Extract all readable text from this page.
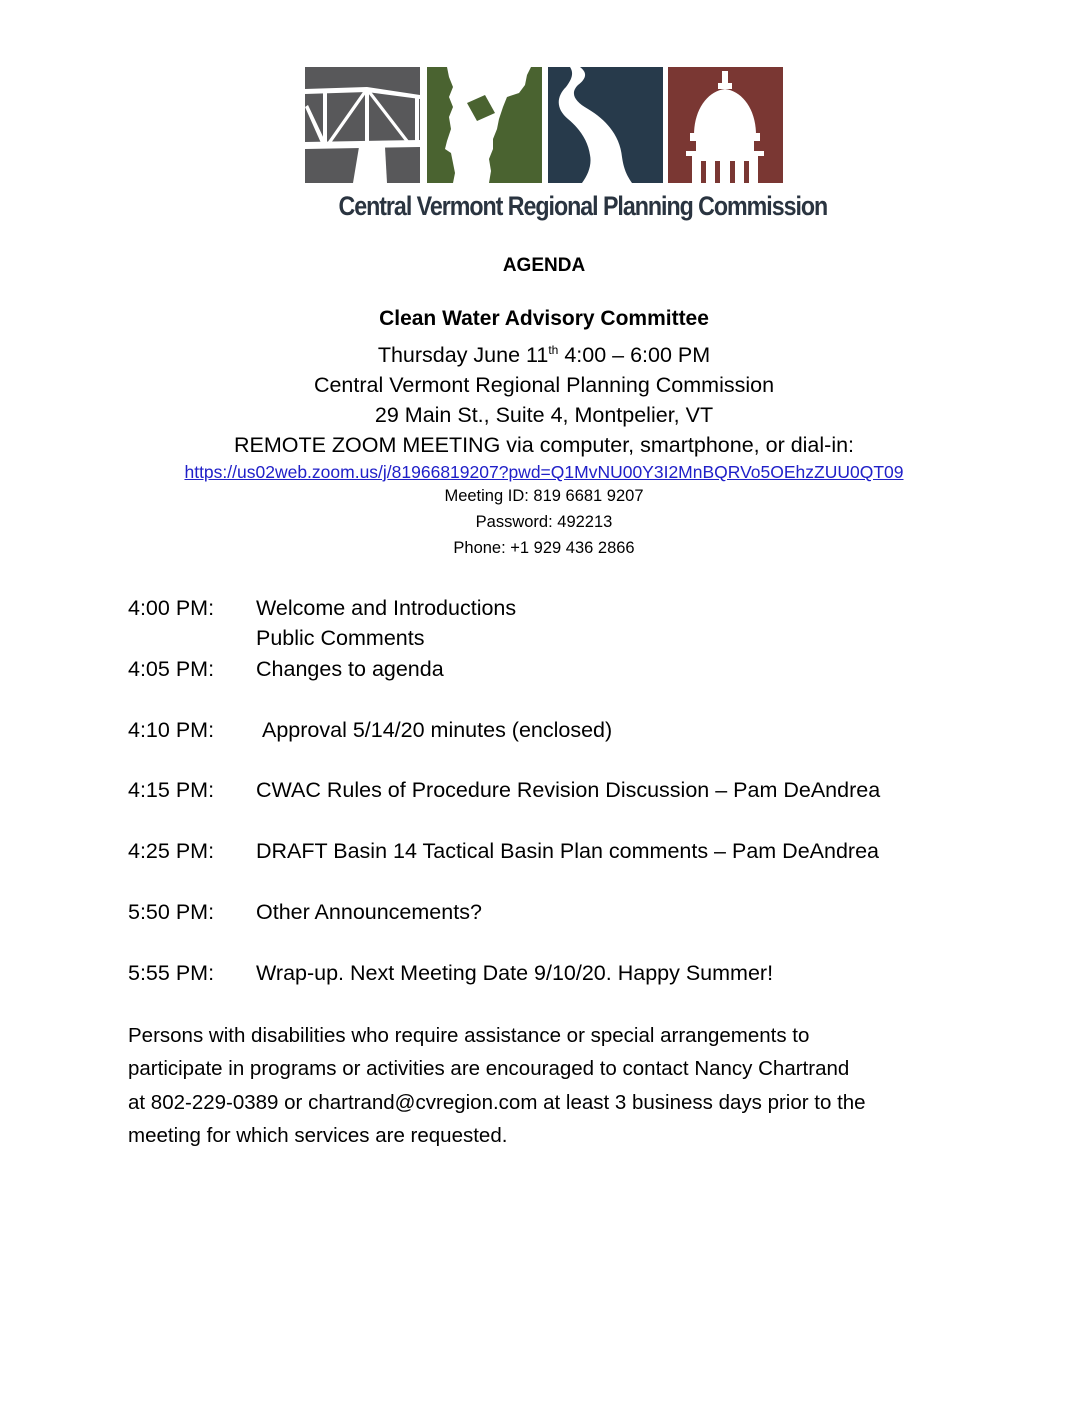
Central Vermont Regional Planning Commission
AGENDA
Clean Water Advisory Committee
Thursday June 11th 4:00 – 6:00 PM
Central Vermont Regional Planning Commission
29 Main St., Suite 4, Montpelier, VT
REMOTE ZOOM MEETING via computer, smartphone, or dial-in:
https://us02web.zoom.us/j/81966819207?pwd=Q1MvNU00Y3I2MnBQRVo5OEhzZUU0QT09
Meeting ID: 819 6681 9207
Password: 492213
Phone: +1 929 436 2866
4:00 PM: Welcome and Introductions
Public Comments
4:05 PM: Changes to agenda
4:10 PM: Approval 5/14/20 minutes (enclosed)
4:15 PM: CWAC Rules of Procedure Revision Discussion – Pam DeAndrea
4:25 PM: DRAFT Basin 14 Tactical Basin Plan comments – Pam DeAndrea
5:50 PM: Other Announcements?
5:55 PM: Wrap-up. Next Meeting Date 9/10/20. Happy Summer!
Persons with disabilities who require assistance or special arrangements to
participate in programs or activities are encouraged to contact Nancy Chartrand
at 802-229-0389 or chartrand@cvregion.com at least 3 business days prior to the
meeting for which services are requested.
